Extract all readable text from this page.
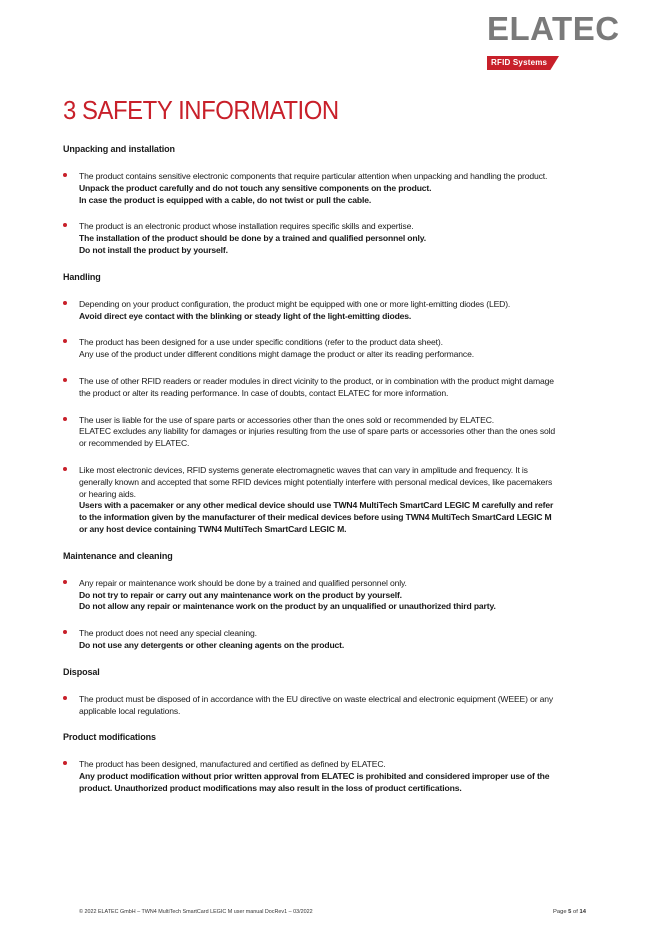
ELATEC
RFID Systems
3 SAFETY INFORMATION
Unpacking and installation
The product contains sensitive electronic components that require particular attention when unpacking and handling the product.
Unpack the product carefully and do not touch any sensitive components on the product.
In case the product is equipped with a cable, do not twist or pull the cable.
The product is an electronic product whose installation requires specific skills and expertise.
The installation of the product should be done by a trained and qualified personnel only.
Do not install the product by yourself.
Handling
Depending on your product configuration, the product might be equipped with one or more light-emitting diodes (LED).
Avoid direct eye contact with the blinking or steady light of the light-emitting diodes.
The product has been designed for a use under specific conditions (refer to the product data sheet).
Any use of the product under different conditions might damage the product or alter its reading performance.
The use of other RFID readers or reader modules in direct vicinity to the product, or in combination with the product might damage
the product or alter its reading performance. In case of doubts, contact ELATEC for more information.
The user is liable for the use of spare parts or accessories other than the ones sold or recommended by ELATEC.
ELATEC excludes any liability for damages or injuries resulting from the use of spare parts or accessories other than the ones sold
or recommended by ELATEC.
Like most electronic devices, RFID systems generate electromagnetic waves that can vary in amplitude and frequency. It is
generally known and accepted that some RFID devices might potentially interfere with personal medical devices, like pacemakers
or hearing aids.
Users with a pacemaker or any other medical device should use TWN4 MultiTech SmartCard LEGIC M carefully and refer
to the information given by the manufacturer of their medical devices before using TWN4 MultiTech SmartCard LEGIC M
or any host device containing TWN4 MultiTech SmartCard LEGIC M.
Maintenance and cleaning
Any repair or maintenance work should be done by a trained and qualified personnel only.
Do not try to repair or carry out any maintenance work on the product by yourself.
Do not allow any repair or maintenance work on the product by an unqualified or unauthorized third party.
The product does not need any special cleaning.
Do not use any detergents or other cleaning agents on the product.
Disposal
The product must be disposed of in accordance with the EU directive on waste electrical and electronic equipment (WEEE) or any
applicable local regulations.
Product modifications
The product has been designed, manufactured and certified as defined by ELATEC.
Any product modification without prior written approval from ELATEC is prohibited and considered improper use of the
product. Unauthorized product modifications may also result in the loss of product certifications.
© 2022 ELATEC GmbH – TWN4 MultiTech SmartCard LEGIC M user manual DocRev1 – 03/2022	Page 5 of 14
